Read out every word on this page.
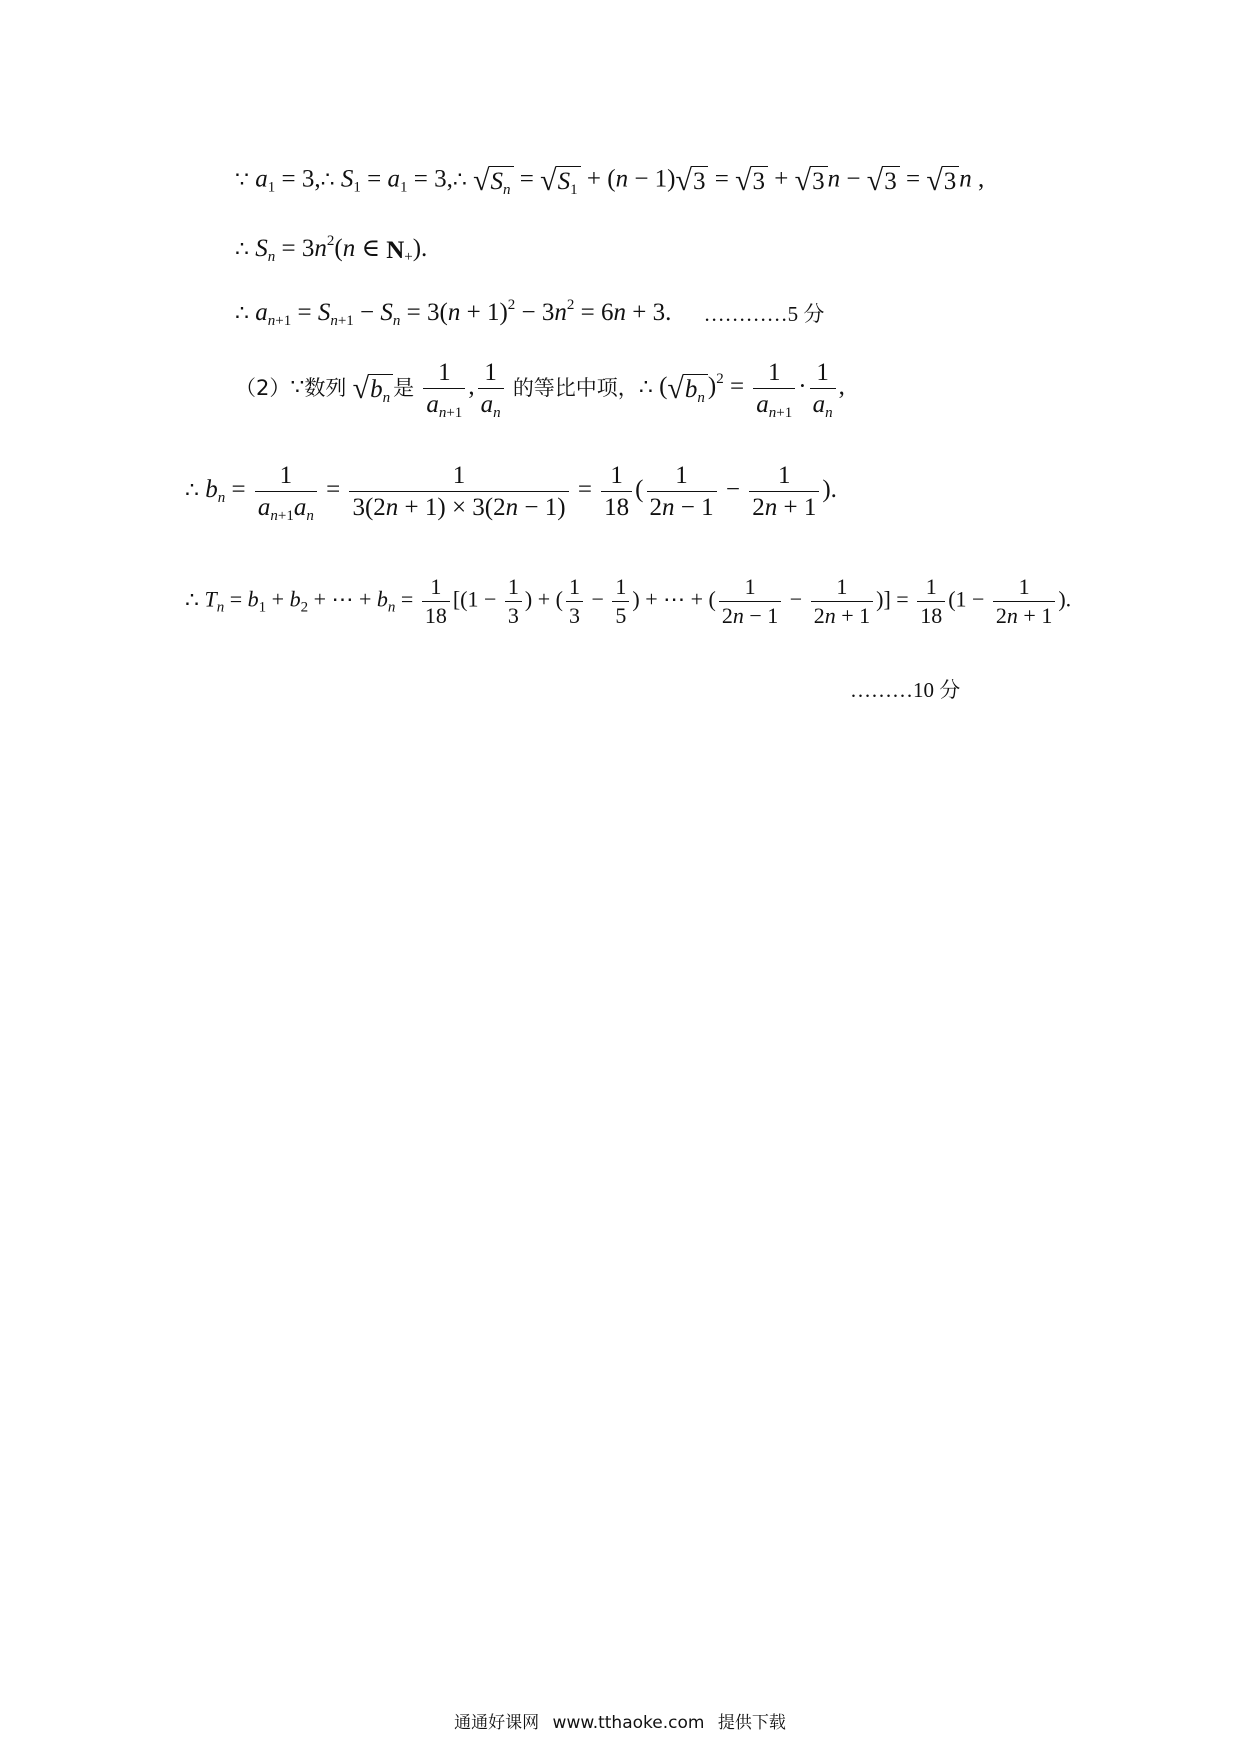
∵ $a_1$ = 3,∴ $S_1 = a_1$ = 3,∴ √ $S_n$ = √ $S_1 + (n - 1)$ √ 3 = √ 3 + √ 3 n − √ 3 = √ 3 n ,
∴ $S_n = 3n^2(n$ ∈ $N_+$).
∴ $a_{n+1} = S_{n+1} - S_n = 3(n + 1)^2 - 3n^2 = 6n + 3$. …………5 分
（2）∵数列 √ $b_n$ 是 $\frac{1}{a_{n+1}}$ , $\frac{1}{a_n}$ 的等比中项，∴ ( √ $b_n$ )$^2 = \frac{1}{a_{n+1}} \cdot \frac{1}{a_n}$ ,
∴ $b_n = \frac{1}{a_{n+1}a_n} = \frac{1}{3(2n + 1) \times 3(2n - 1)} = \frac{1}{18}$ ( $\frac{1}{2n - 1} - \frac{1}{2n + 1}$ ).
∴ $T_n = b_1 + b_2$ + ⋯ + $b_n = \frac{1}{18} [(1 - \frac{1}{3}$ ) + ( $\frac{1}{3} - \frac{1}{5}$ ) + ⋯ + ( $\frac{1}{2n - 1} - \frac{1}{2n + 1}$ )] = $\frac{1}{18} (1 - \frac{1}{2n + 1}$ ).
………10 分
通通好课网 www.tthaoke.com 提供下载
